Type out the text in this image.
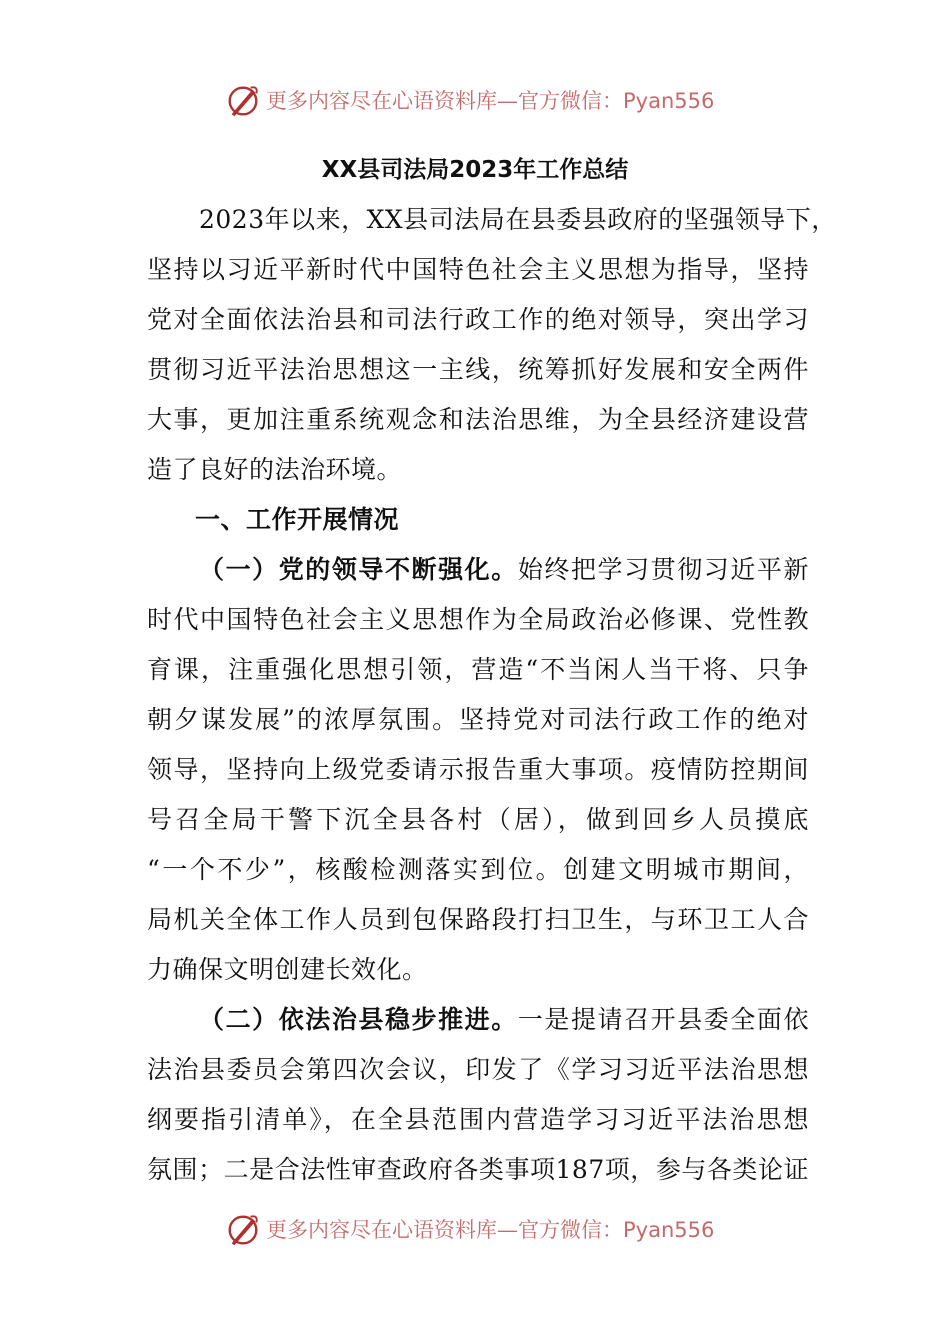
更多内容尽在心语资料库—官方微信：Pyan556
XX县司法局2023年工作总结
2023年以来，XX县司法局在县委县政府的坚强领导下，
坚持以习近平新时代中国特色社会主义思想为指导，坚持
党对全面依法治县和司法行政工作的绝对领导，突出学习
贯彻习近平法治思想这一主线，统筹抓好发展和安全两件
大事，更加注重系统观念和法治思维，为全县经济建设营
造了良好的法治环境。
一、工作开展情况
（一）党的领导不断强化。始终把学习贯彻习近平新
时代中国特色社会主义思想作为全局政治必修课、党性教
育课，注重强化思想引领，营造“不当闲人当干将、只争
朝夕谋发展”的浓厚氛围。坚持党对司法行政工作的绝对
领导，坚持向上级党委请示报告重大事项。疫情防控期间
号召全局干警下沉全县各村（居），做到回乡人员摸底
“一个不少”，核酸检测落实到位。创建文明城市期间，
局机关全体工作人员到包保路段打扫卫生，与环卫工人合
力确保文明创建长效化。
（二）依法治县稳步推进。一是提请召开县委全面依
法治县委员会第四次会议，印发了《学习习近平法治思想
纲要指引清单》，在全县范围内营造学习习近平法治思想
氛围；二是合法性审查政府各类事项187项，参与各类论证
更多内容尽在心语资料库—官方微信：Pyan556
